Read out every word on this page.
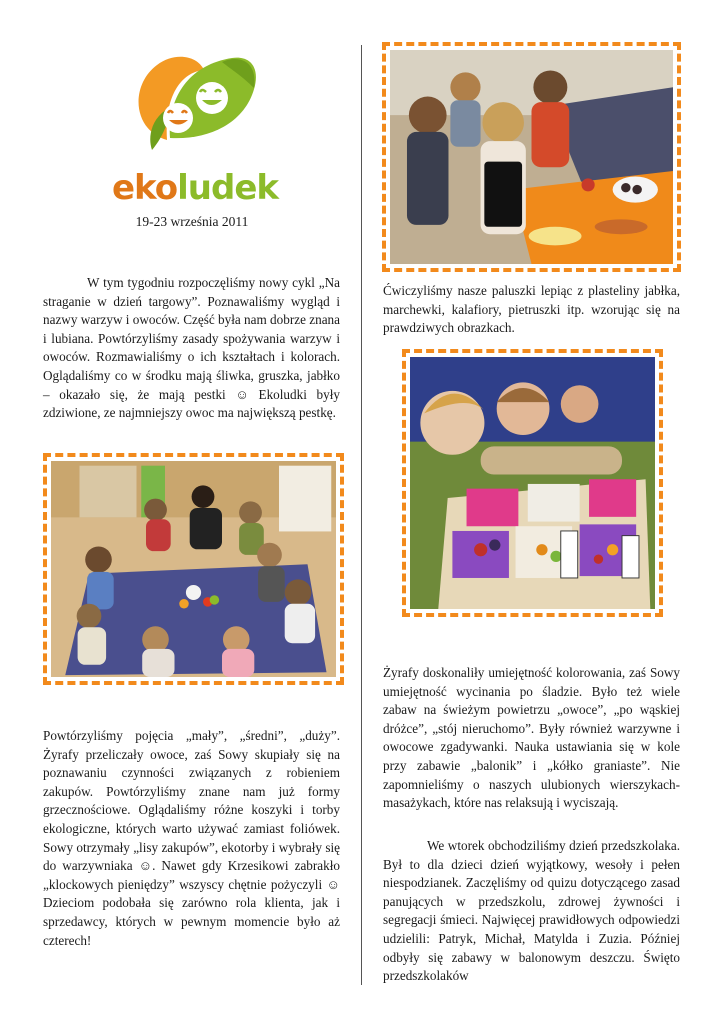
ekoludek
19-23 września 2011

W tym tygodniu rozpoczęliśmy nowy cykl „Na straganie w dzień targowy”. Poznawaliśmy wygląd i nazwy warzyw i owoców. Część była nam dobrze znana i lubiana. Powtórzyliśmy zasady spożywania warzyw i owoców. Rozmawialiśmy o ich kształtach i kolorach. Oglądaliśmy co w środku mają śliwka, gruszka, jabłko – okazało się, że mają pestki ☺ Ekoludki były zdziwione, ze najmniejszy owoc ma największą pestkę.

Powtórzyliśmy pojęcia „mały”, „średni”, „duży”. Żyrafy przeliczały owoce, zaś Sowy skupiały się na poznawaniu czynności związanych z robieniem zakupów. Powtórzyliśmy znane nam już formy grzecznościowe. Oglądaliśmy różne koszyki i torby ekologiczne, których warto używać zamiast foliówek. Sowy otrzymały „lisy zakupów”, ekotorby i wybrały się do warzywniaka ☺. Nawet gdy Krzesikowi zabrakło „klockowych pieniędzy” wszyscy chętnie pożyczyli ☺ Dzieciom podobała się zarówno rola klienta, jak i sprzedawcy, których w pewnym momencie było aż czterech!

Ćwiczyliśmy nasze paluszki lepiąc z plasteliny jabłka, marchewki, kalafiory, pietruszki itp. wzorując się na prawdziwych obrazkach.

Żyrafy doskonaliły umiejętność kolorowania, zaś Sowy umiejętność wycinania po śladzie. Było też wiele zabaw na świeżym powietrzu „owoce”, „po wąskiej dróżce”, „stój nieruchomo”. Były również warzywne i owocowe zgadywanki. Nauka ustawiania się w kole przy zabawie „balonik” i „kółko graniaste”. Nie zapomnieliśmy o naszych ulubionych wierszykach-masażykach, które nas relaksują i wyciszają.

We wtorek obchodziliśmy dzień przedszkolaka. Był to dla dzieci dzień wyjątkowy, wesoły i pełen niespodzianek. Zaczęliśmy od quizu dotyczącego zasad panujących w przedszkolu, zdrowej żywności i segregacji śmieci. Najwięcej prawidłowych odpowiedzi udzielili: Patryk, Michał, Matylda i Zuzia. Później odbyły się zabawy w balonowym deszczu. Święto przedszkolaków
